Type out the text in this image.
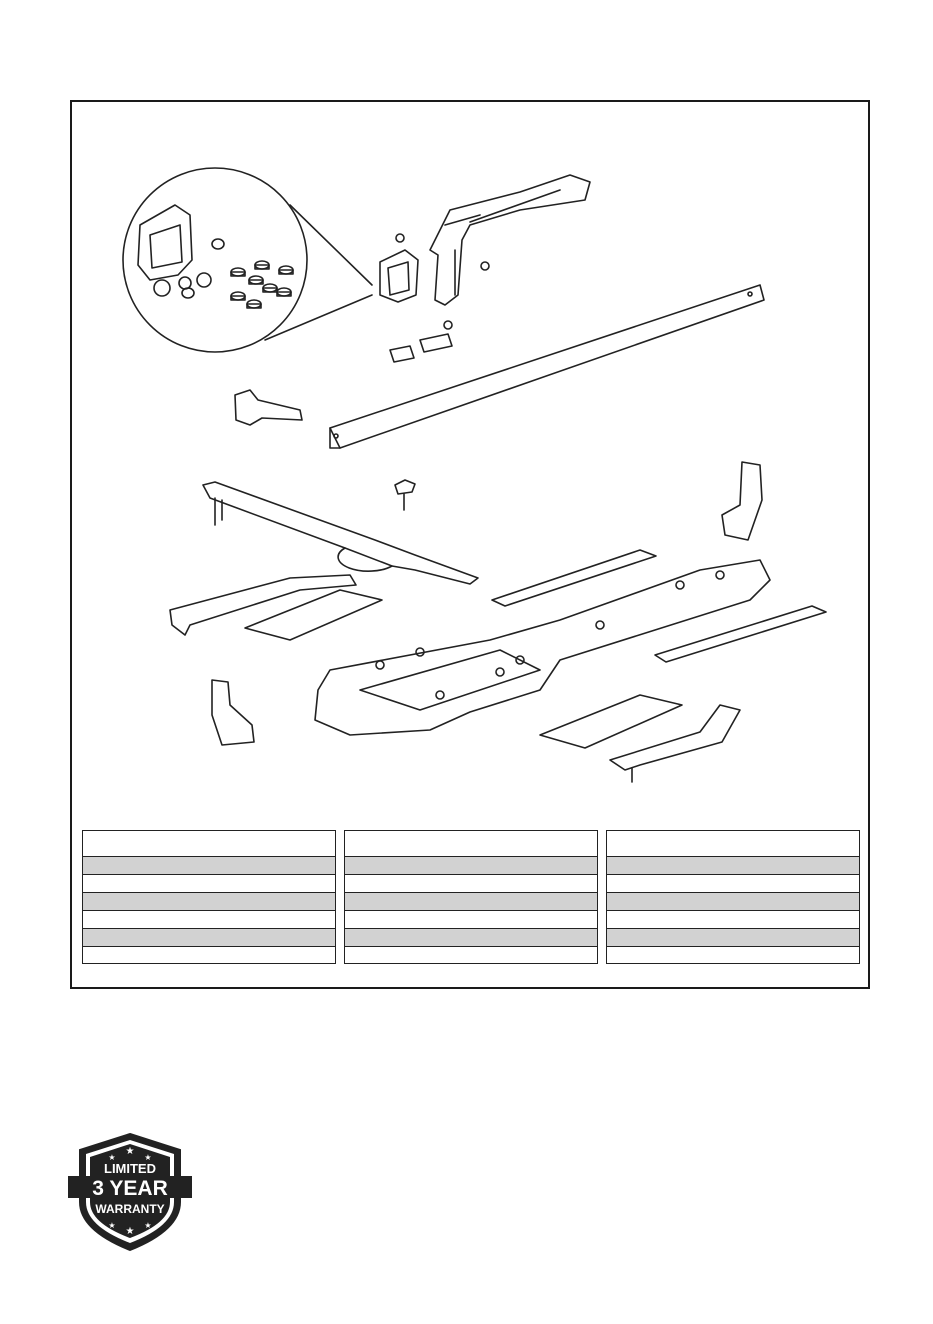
★
★	★
★
★	★
LIMITED
3 YEAR
WARRANTY
